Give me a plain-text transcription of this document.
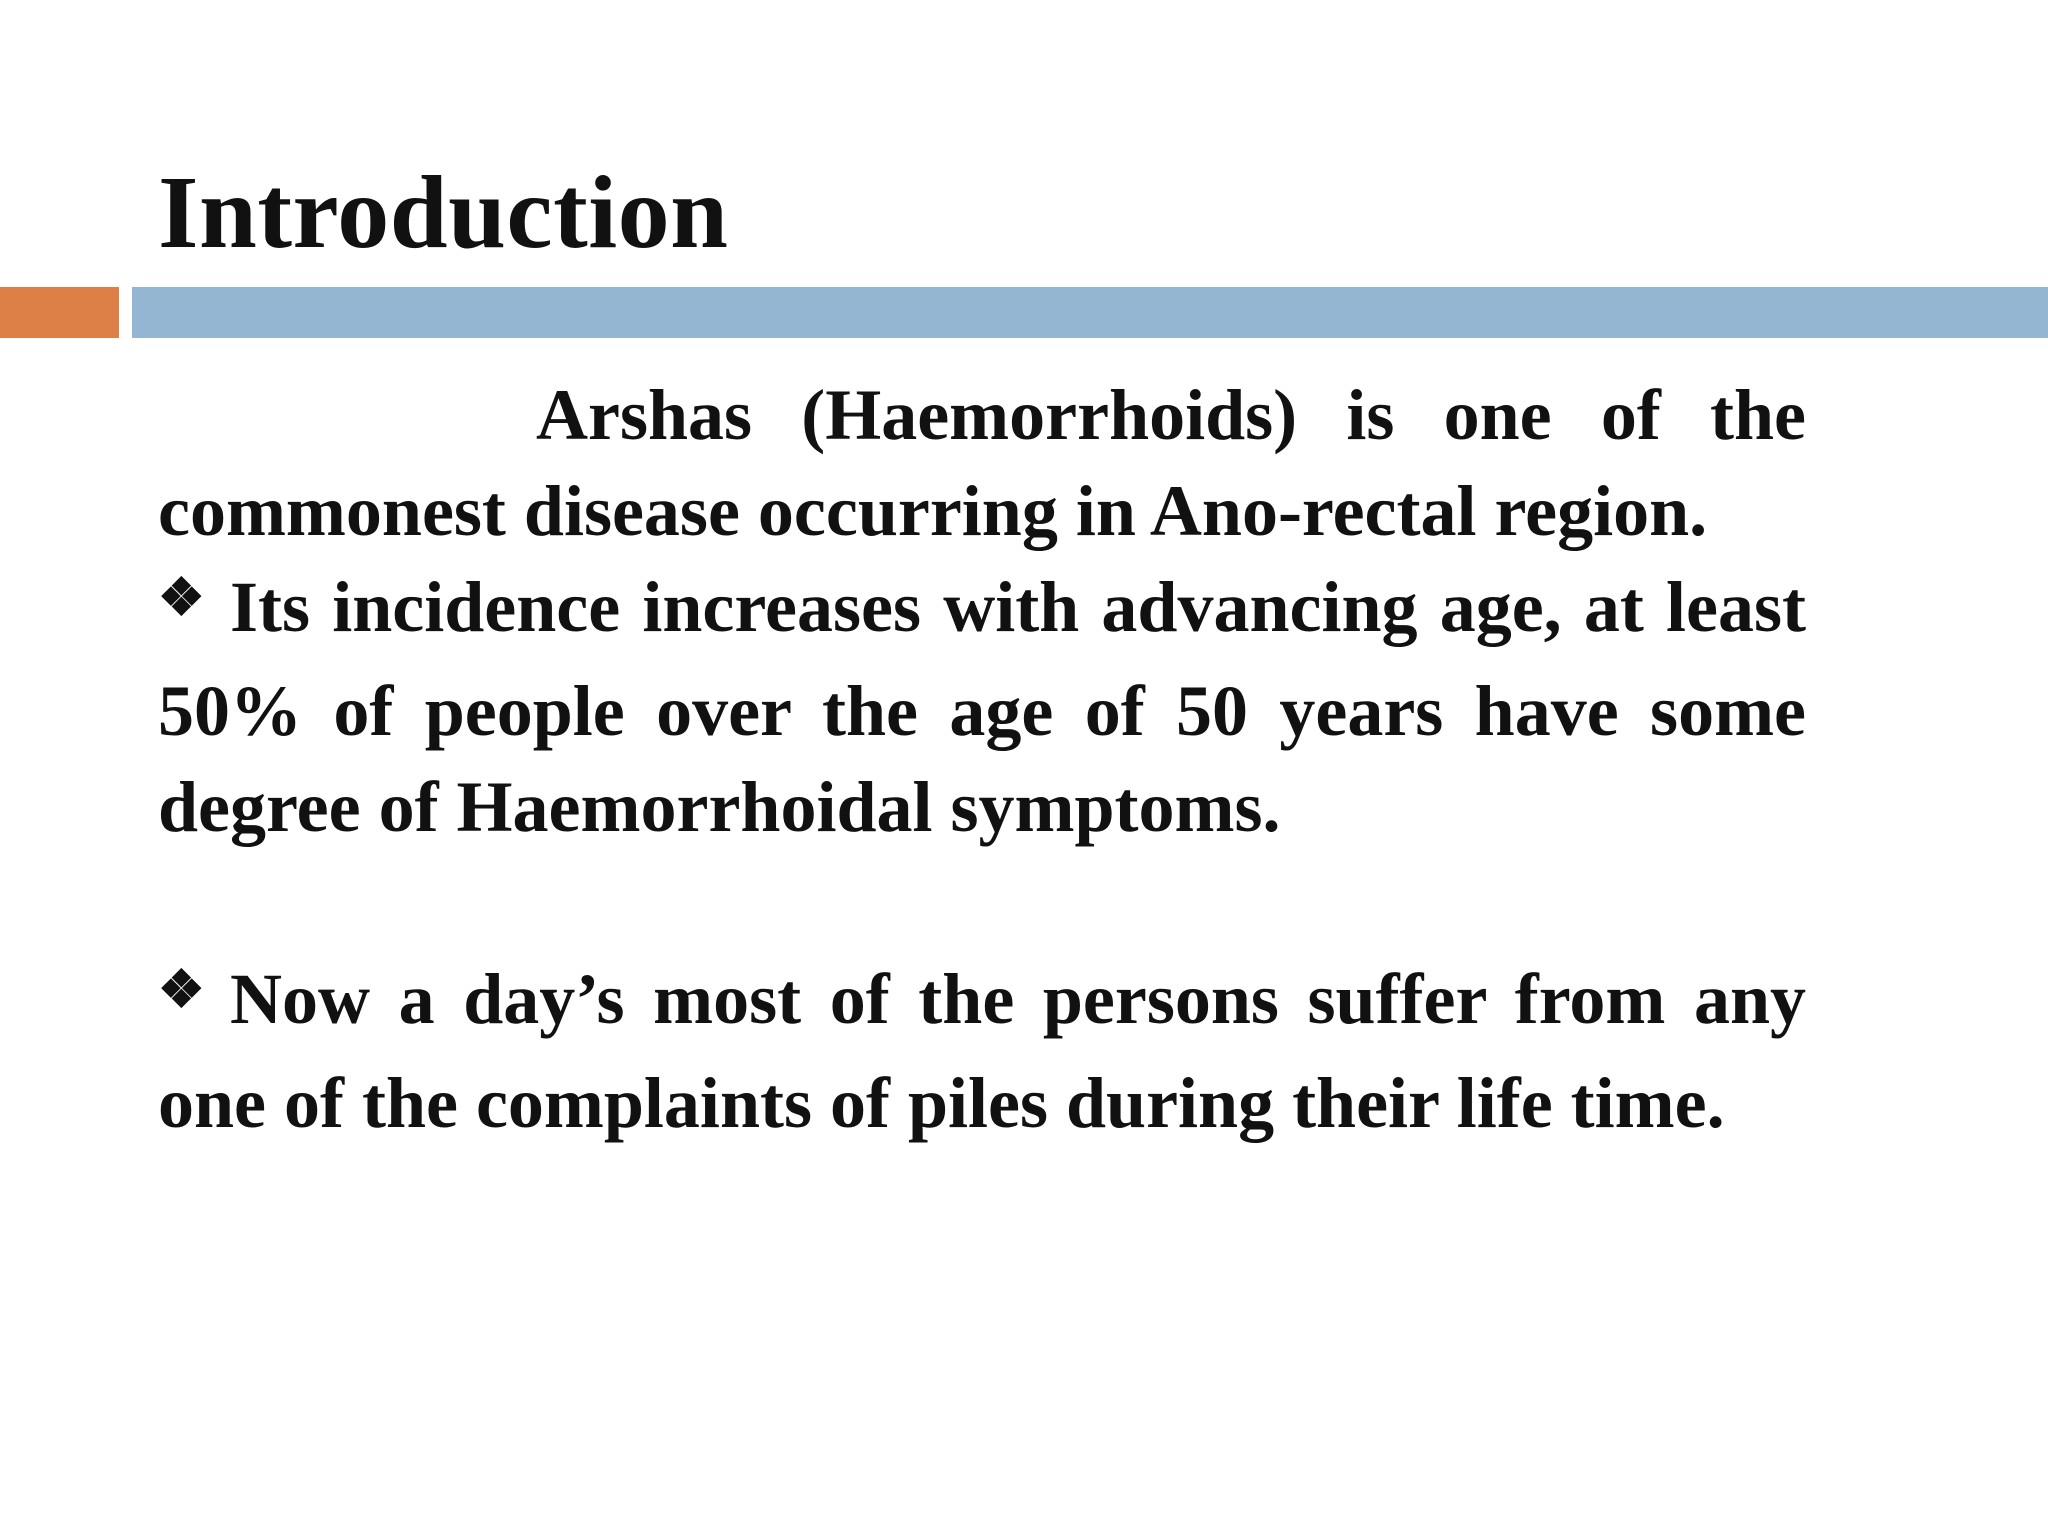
Introduction

Arshas (Haemorrhoids) is one of the commonest disease occurring in Ano-rectal region.

❖ Its incidence increases with advancing age, at least 50% of people over the age of 50 years have some degree of Haemorrhoidal symptoms.

❖ Now a day’s most of the persons suffer from any one of the complaints of piles during their life time.
